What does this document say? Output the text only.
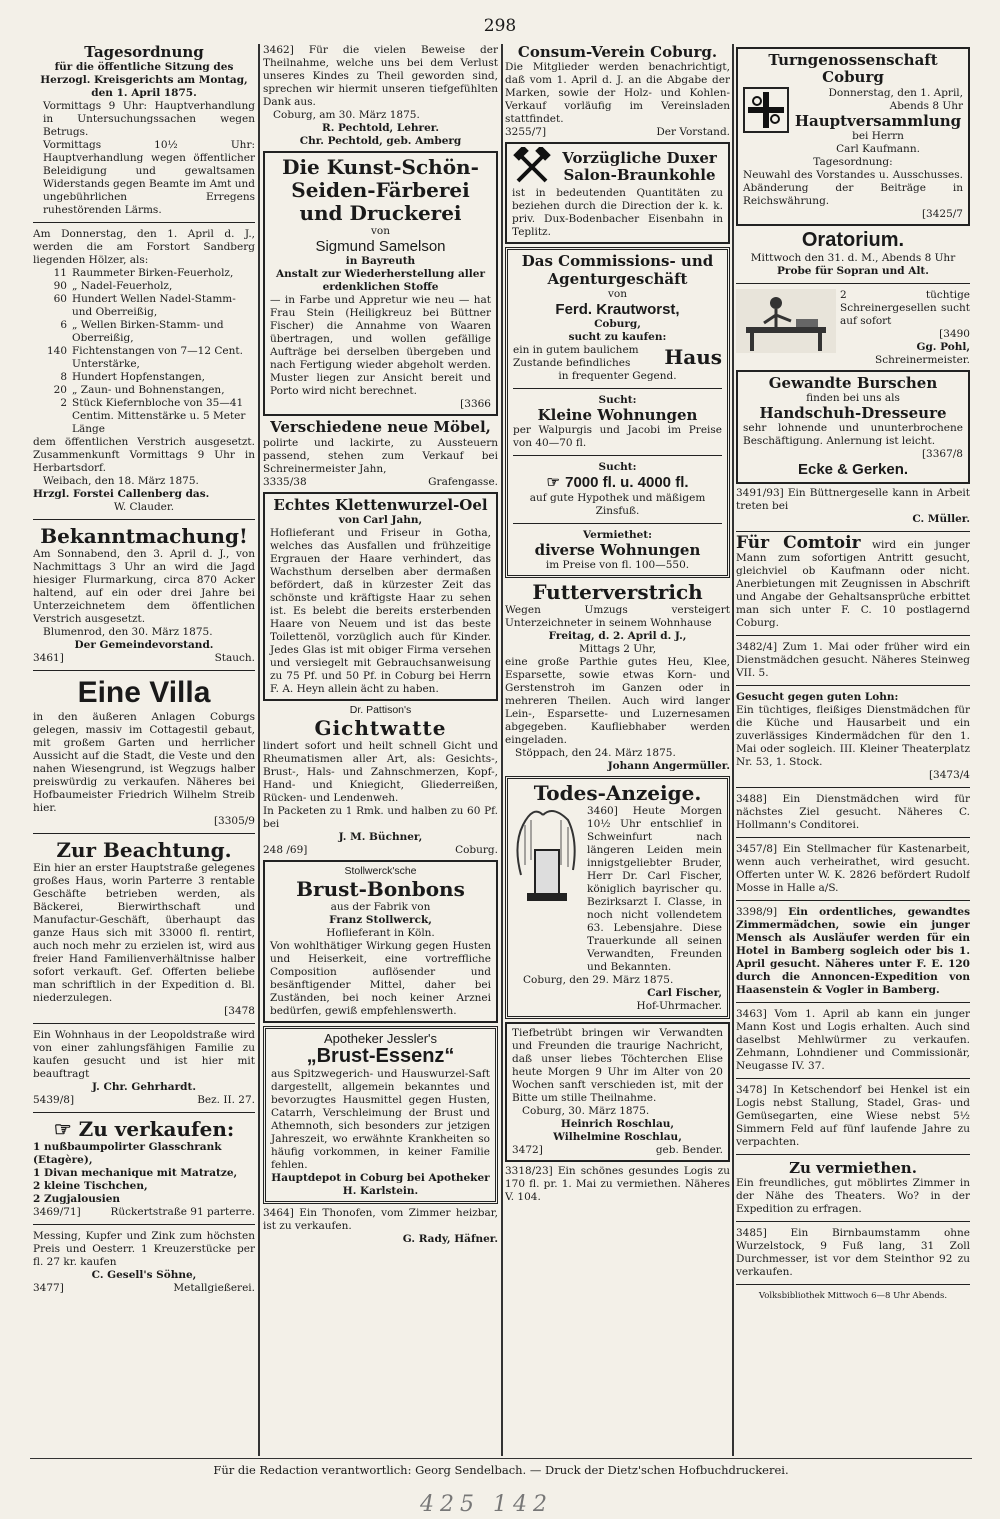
298

Tagesordnung

für die öffentliche Sitzung des Herzogl. Kreisgerichts am Montag, den 1. April 1875.

Vormittags 9 Uhr: Hauptverhandlung in Untersuchungssachen wegen Betrugs.

Vormittags 10½ Uhr: Hauptverhandlung wegen öffentlicher Beleidigung und gewaltsamen Widerstands gegen Beamte im Amt und ungebührlichen Erregens ruhestörenden Lärms.

Am Donnerstag, den 1. April d. J., werden die am Forstort Sandberg liegenden Hölzer, als:

11	Raummeter Birken-Feuerholz,
90	„ Nadel-Feuerholz,
60	Hundert Wellen Nadel-Stamm- und Oberreißig,
6	„ Wellen Birken-Stamm- und Oberreißig,
140	Fichtenstangen von 7—12 Cent. Unterstärke,
8	Hundert Hopfenstangen,
20	„ Zaun- und Bohnenstangen,
2	Stück Kiefernbloche von 35—41 Centim. Mittenstärke u. 5 Meter Länge

dem öffentlichen Verstrich ausgesetzt. Zusammenkunft Vormittags 9 Uhr in Herbartsdorf.

Weibach, den 18. März 1875.

Hrzgl. Forstei Callenberg das.

W. Clauder.

Bekanntmachung!

Am Sonnabend, den 3. April d. J., von Nachmittags 3 Uhr an wird die Jagd hiesiger Flurmarkung, circa 870 Acker haltend, auf ein oder drei Jahre bei Unterzeichnetem dem öffentlichen Verstrich ausgesetzt.

Blumenrod, den 30. März 1875.

Der Gemeindevorstand.

3461]	Stauch.

Eine Villa

in den äußeren Anlagen Coburgs gelegen, massiv im Cottagestil gebaut, mit großem Garten und herrlicher Aussicht auf die Stadt, die Veste und den nahen Wiesengrund, ist Wegzugs halber preiswürdig zu verkaufen. Näheres bei Hofbaumeister Friedrich Wilhelm Streib hier.

[3305/9

Zur Beachtung.

Ein hier an erster Hauptstraße gelegenes großes Haus, worin Parterre 3 rentable Geschäfte betrieben werden, als Bäckerei, Bierwirthschaft und Manufactur-Geschäft, überhaupt das ganze Haus sich mit 33000 fl. rentirt, auch noch mehr zu erzielen ist, wird aus freier Hand Familienverhältnisse halber sofort verkauft. Gef. Offerten beliebe man schriftlich in der Expedition d. Bl. niederzulegen.

[3478

Ein Wohnhaus in der Leopoldstraße wird von einer zahlungsfähigen Familie zu kaufen gesucht und ist hier mit beauftragt

J. Chr. Gehrhardt.

5439/8]	Bez. II. 27.

☞ Zu verkaufen:

1 nußbaumpolirter Glasschrank (Etagère),

1 Divan mechanique mit Matratze,

2 kleine Tischchen,

2 Zugjalousien

3469/71]	Rückertstraße 91 parterre.

Messing, Kupfer und Zink zum höchsten Preis und Oesterr. 1 Kreuzerstücke per fl. 27 kr. kaufen

C. Gesell's Söhne,

3477]	Metallgießerei.

3462] Für die vielen Beweise der Theilnahme, welche uns bei dem Verlust unseres Kindes zu Theil geworden sind, sprechen wir hiermit unseren tiefgefühlten Dank aus.

Coburg, am 30. März 1875.

R. Pechtold, Lehrer.

Chr. Pechtold, geb. Amberg

Die Kunst-Schön-Seiden-Färberei und Druckerei

von

Sigmund Samelson

in Bayreuth

Anstalt zur Wiederherstellung aller erdenklichen Stoffe

— in Farbe und Appretur wie neu — hat Frau Stein (Heiligkreuz bei Büttner Fischer) die Annahme von Waaren übertragen, und wollen gefällige Aufträge bei derselben übergeben und nach Fertigung wieder abgeholt werden. Muster liegen zur Ansicht bereit und Porto wird nicht berechnet.

[3366

Verschiedene neue Möbel,

polirte und lackirte, zu Aussteuern passend, stehen zum Verkauf bei Schreinermeister Jahn,

3335/38	Grafengasse.

Echtes Klettenwurzel-Oel

von Carl Jahn,

Hoflieferant und Friseur in Gotha, welches das Ausfallen und frühzeitige Ergrauen der Haare verhindert, das Wachsthum derselben aber dermaßen befördert, daß in kürzester Zeit das schönste und kräftigste Haar zu sehen ist. Es belebt die bereits ersterbenden Haare von Neuem und ist das beste Toilettenöl, vorzüglich auch für Kinder. Jedes Glas ist mit obiger Firma versehen und versiegelt mit Gebrauchsanweisung zu 75 Pf. und 50 Pf. in Coburg bei Herrn F. A. Heyn allein ächt zu haben.

Dr. Pattison's

Gichtwatte

lindert sofort und heilt schnell Gicht und Rheumatismen aller Art, als: Gesichts-, Brust-, Hals- und Zahnschmerzen, Kopf-, Hand- und Kniegicht, Gliederreißen, Rücken- und Lendenweh.

In Packeten zu 1 Rmk. und halben zu 60 Pf. bei

J. M. Büchner,

248 /69]	Coburg.

Stollwerck'sche

Brust-Bonbons

aus der Fabrik von

Franz Stollwerck,

Hoflieferant in Köln.

Von wohlthätiger Wirkung gegen Husten und Heiserkeit, eine vortreffliche Composition auflösender und besänftigender Mittel, daher bei Zuständen, bei noch keiner Arznei bedürfen, gewiß empfehlenswerth.

Apotheker Jessler's

„Brust-Essenz“

aus Spitzwegerich- und Hauswurzel-Saft dargestellt, allgemein bekanntes und bevorzugtes Hausmittel gegen Husten, Catarrh, Verschleimung der Brust und Athemnoth, sich besonders zur jetzigen Jahreszeit, wo erwähnte Krankheiten so häufig vorkommen, in keiner Familie fehlen.

Hauptdepot in Coburg bei Apotheker H. Karlstein.

3464] Ein Thonofen, vom Zimmer heizbar, ist zu verkaufen.

G. Rady, Häfner.

Consum-Verein Coburg.

Die Mitglieder werden benachrichtigt, daß vom 1. April d. J. an die Abgabe der Marken, sowie der Holz- und Kohlen-Verkauf vorläufig im Vereinsladen stattfindet.

3255/7]	Der Vorstand.

Vorzügliche Duxer

Salon-Braunkohle

ist in bedeutenden Quantitäten zu beziehen durch die Direction der k. k. priv. Dux-Bodenbacher Eisenbahn in Teplitz.

Das Commissions- und Agenturgeschäft

von

Ferd. Krautworst,

Coburg,

sucht zu kaufen:

ein in gutem baulichem Zustande befindliches	Haus

in frequenter Gegend.

Sucht:

Kleine Wohnungen

per Walpurgis und Jacobi im Preise von 40—70 fl.

Sucht:

☞ 7000 fl. u. 4000 fl.

auf gute Hypothek und mäßigem Zinsfuß.

Vermiethet:

diverse Wohnungen

im Preise von fl. 100—550.

Futterverstrich

Wegen Umzugs versteigert Unterzeichneter in seinem Wohnhause

Freitag, d. 2. April d. J.,

Mittags 2 Uhr,

eine große Parthie gutes Heu, Klee, Esparsette, sowie etwas Korn- und Gerstenstroh im Ganzen oder in mehreren Theilen. Auch wird langer Lein-, Esparsette- und Luzernesamen abgegeben. Kaufliebhaber werden eingeladen.

Stöppach, den 24. März 1875.

Johann Angermüller.

Todes-Anzeige.

3460] Heute Morgen 10½ Uhr entschlief in Schweinfurt nach längeren Leiden mein innigstgeliebter Bruder, Herr Dr. Carl Fischer, königlich bayrischer qu. Bezirksarzt I. Classe, in noch nicht vollendetem 63. Lebensjahre. Diese Trauerkunde all seinen Verwandten, Freunden und Bekannten.

Coburg, den 29. März 1875.

Carl Fischer,

Hof-Uhrmacher.

Tiefbetrübt bringen wir Verwandten und Freunden die traurige Nachricht, daß unser liebes Töchterchen Elise heute Morgen 9 Uhr im Alter von 20 Wochen sanft verschieden ist, mit der Bitte um stille Theilnahme.

Coburg, 30. März 1875.

Heinrich Roschlau,

Wilhelmine Roschlau,

3472]	geb. Bender.

3318/23] Ein schönes gesundes Logis zu 170 fl. pr. 1. Mai zu vermiethen. Näheres V. 104.

Turngenossenschaft Coburg

Donnerstag, den 1. April, Abends 8 Uhr

Hauptversammlung

bei Herrn

Carl Kaufmann.

Tagesordnung:

Neuwahl des Vorstandes u. Ausschusses. Abänderung der Beiträge in Reichswährung.

[3425/7

Oratorium.

Mittwoch den 31. d. M., Abends 8 Uhr

Probe für Sopran und Alt.

2 tüchtige Schreinergesellen sucht auf sofort

[3490

Gg. Pohl,

Schreinermeister.

Gewandte Burschen

finden bei uns als

Handschuh-Dresseure

sehr lohnende und ununterbrochene Beschäftigung. Anlernung ist leicht.

[3367/8

Ecke & Gerken.

3491/93] Ein Büttnergeselle kann in Arbeit treten bei

C. Müller.

Für Comtoir wird ein junger Mann zum sofortigen Antritt gesucht, gleichviel ob Kaufmann oder nicht. Anerbietungen mit Zeugnissen in Abschrift und Angabe der Gehaltsansprüche erbittet man sich unter F. C. 10 postlagernd Coburg.

3482/4] Zum 1. Mai oder früher wird ein Dienstmädchen gesucht. Näheres Steinweg VII. 5.

Gesucht gegen guten Lohn:

Ein tüchtiges, fleißiges Dienstmädchen für die Küche und Hausarbeit und ein zuverlässiges Kindermädchen für den 1. Mai oder sogleich. III. Kleiner Theaterplatz Nr. 53, 1. Stock.

[3473/4

3488] Ein Dienstmädchen wird für nächstes Ziel gesucht. Näheres C. Hollmann's Conditorei.

3457/8] Ein Stellmacher für Kastenarbeit, wenn auch verheirathet, wird gesucht. Offerten unter W. K. 2826 befördert Rudolf Mosse in Halle a/S.

3398/9] Ein ordentliches, gewandtes Zimmermädchen, sowie ein junger Mensch als Ausläufer werden für ein Hotel in Bamberg sogleich oder bis 1. April gesucht. Näheres unter F. E. 120 durch die Annoncen-Expedition von Haasenstein & Vogler in Bamberg.

3463] Vom 1. April ab kann ein junger Mann Kost und Logis erhalten. Auch sind daselbst Mehlwürmer zu verkaufen. Zehmann, Lohndiener und Commissionär, Neugasse IV. 37.

3478] In Ketschendorf bei Henkel ist ein Logis nebst Stallung, Stadel, Gras- und Gemüsegarten, eine Wiese nebst 5½ Simmern Feld auf fünf laufende Jahre zu verpachten.

Zu vermiethen.

Ein freundliches, gut möblirtes Zimmer in der Nähe des Theaters. Wo? in der Expedition zu erfragen.

3485] Ein Birnbaumstamm ohne Wurzelstock, 9 Fuß lang, 31 Zoll Durchmesser, ist vor dem Steinthor 92 zu verkaufen.

Volksbibliothek Mittwoch 6—8 Uhr Abends.

Für die Redaction verantwortlich: Georg Sendelbach. — Druck der Dietz'schen Hofbuchdruckerei.
425 142
